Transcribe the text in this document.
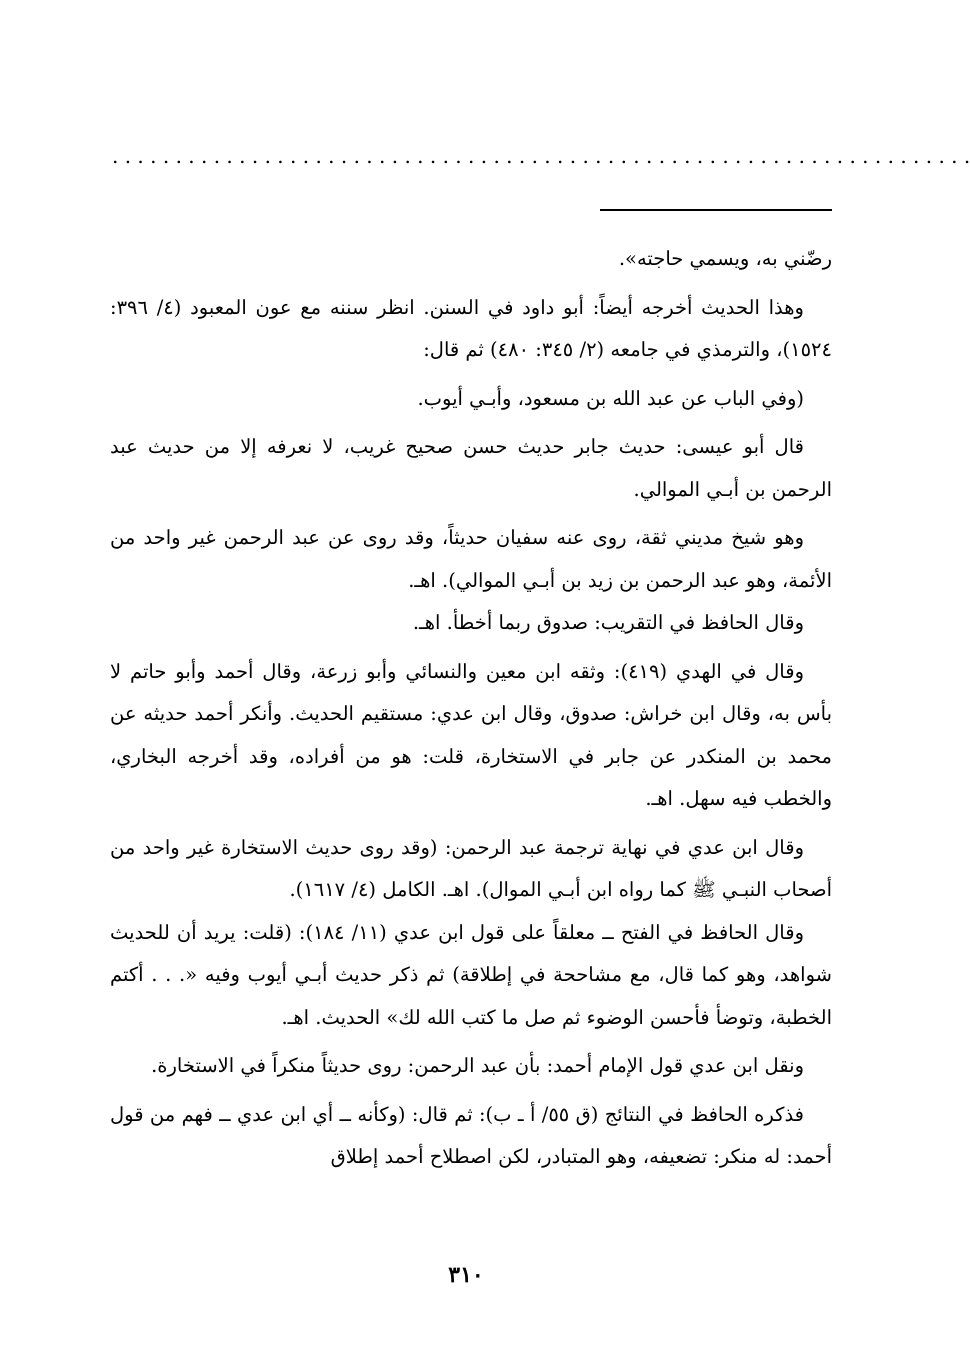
. . . . . . . . . . . . . . . . . . . . . . . . . . . . . . . . . . . . . . . . . . . . . . . . . . . . . . . . . . . . . . . . . . . .

رضّني به، ويسمي حاجته».

وهذا الحديث أخرجه أيضاً: أبو داود في السنن. انظر سننه مع عون المعبود (٤/ ٣٩٦: ١٥٢٤)، والترمذي في جامعه (٢/ ٣٤٥: ٤٨٠) ثم قال:

(وفي الباب عن عبد الله بن مسعود، وأبـي أيوب.

قال أبو عيسى: حديث جابر حديث حسن صحيح غريب، لا نعرفه إلا من حديث عبد الرحمن بن أبـي الموالي.

وهو شيخ مديني ثقة، روى عنه سفيان حديثاً، وقد روى عن عبد الرحمن غير واحد من الأئمة، وهو عبد الرحمن بن زيد بن أبـي الموالي). اهـ.

وقال الحافظ في التقريب: صدوق ربما أخطأ. اهـ.

وقال في الهدي (٤١٩): وثقه ابن معين والنسائي وأبو زرعة، وقال أحمد وأبو حاتم لا بأس به، وقال ابن خراش: صدوق، وقال ابن عدي: مستقيم الحديث. وأنكر أحمد حديثه عن محمد بن المنكدر عن جابر في الاستخارة، قلت: هو من أفراده، وقد أخرجه البخاري، والخطب فيه سهل. اهـ.

وقال ابن عدي في نهاية ترجمة عبد الرحمن: (وقد روى حديث الاستخارة غير واحد من أصحاب النبـي ﷺ كما رواه ابن أبـي الموال). اهـ. الكامل (٤/ ١٦١٧).

وقال الحافظ في الفتح ــ معلقاً على قول ابن عدي (١١/ ١٨٤): (قلت: يريد أن للحديث شواهد، وهو كما قال، مع مشاححة في إطلاقة) ثم ذكر حديث أبـي أيوب وفيه «. . . أكتم الخطبة، وتوضأ فأحسن الوضوء ثم صل ما كتب الله لك» الحديث. اهـ.

ونقل ابن عدي قول الإمام أحمد: بأن عبد الرحمن: روى حديثاً منكراً في الاستخارة.

فذكره الحافظ في النتائج (ق ٥٥/ أ ـ ب): ثم قال: (وكأنه ــ أي ابن عدي ــ فهم من قول أحمد: له منكر: تضعيفه، وهو المتبادر، لكن اصطلاح أحمد إطلاق

٣١٠
